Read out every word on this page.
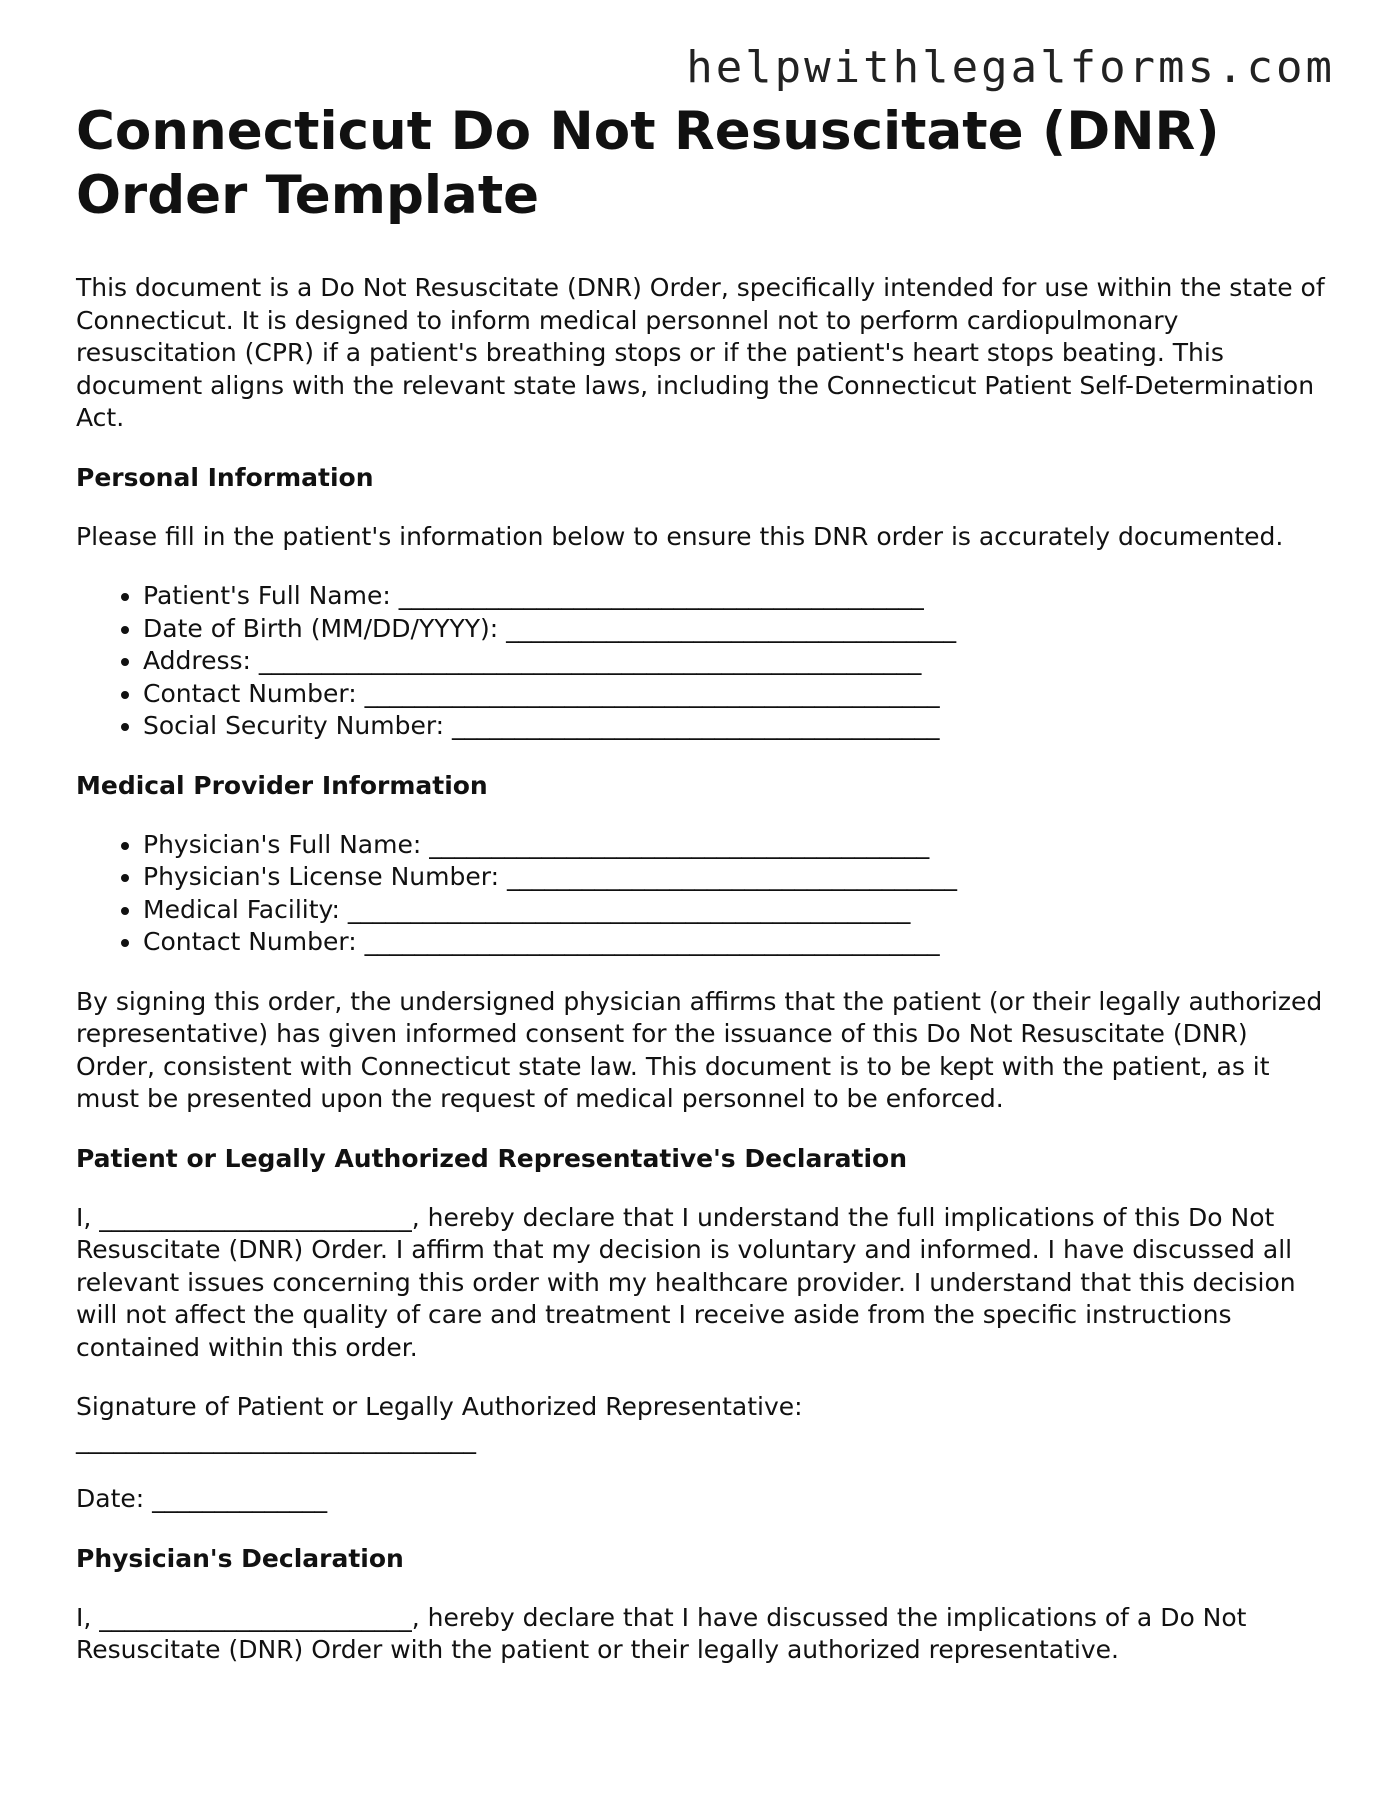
helpwithlegalforms.com
Connecticut Do Not Resuscitate (DNR) Order Template

This document is a Do Not Resuscitate (DNR) Order, specifically intended for use within the state of Connecticut. It is designed to inform medical personnel not to perform cardiopulmonary resuscitation (CPR) if a patient's breathing stops or if the patient's heart stops beating. This document aligns with the relevant state laws, including the Connecticut Patient Self-Determination Act.

Personal Information

Please fill in the patient's information below to ensure this DNR order is accurately documented.

• Patient's Full Name: __________________________________________
• Date of Birth (MM/DD/YYYY): ____________________________________
• Address: _____________________________________________________
• Contact Number: ______________________________________________
• Social Security Number: _______________________________________
Medical Provider Information
• Physician's Full Name: ________________________________________
• Physician's License Number: ____________________________________
• Medical Facility: _____________________________________________
• Contact Number: ______________________________________________

By signing this order, the undersigned physician affirms that the patient (or their legally authorized representative) has given informed consent for the issuance of this Do Not Resuscitate (DNR) Order, consistent with Connecticut state law. This document is to be kept with the patient, as it must be presented upon the request of medical personnel to be enforced.

Patient or Legally Authorized Representative's Declaration

I, _________________________, hereby declare that I understand the full implications of this Do Not Resuscitate (DNR) Order. I affirm that my decision is voluntary and informed. I have discussed all relevant issues concerning this order with my healthcare provider. I understand that this decision will not affect the quality of care and treatment I receive aside from the specific instructions contained within this order.

Signature of Patient or Legally Authorized Representative:

________________________________

Date: ______________

Physician's Declaration

I, _________________________, hereby declare that I have discussed the implications of a Do Not Resuscitate (DNR) Order with the patient or their legally authorized representative.
